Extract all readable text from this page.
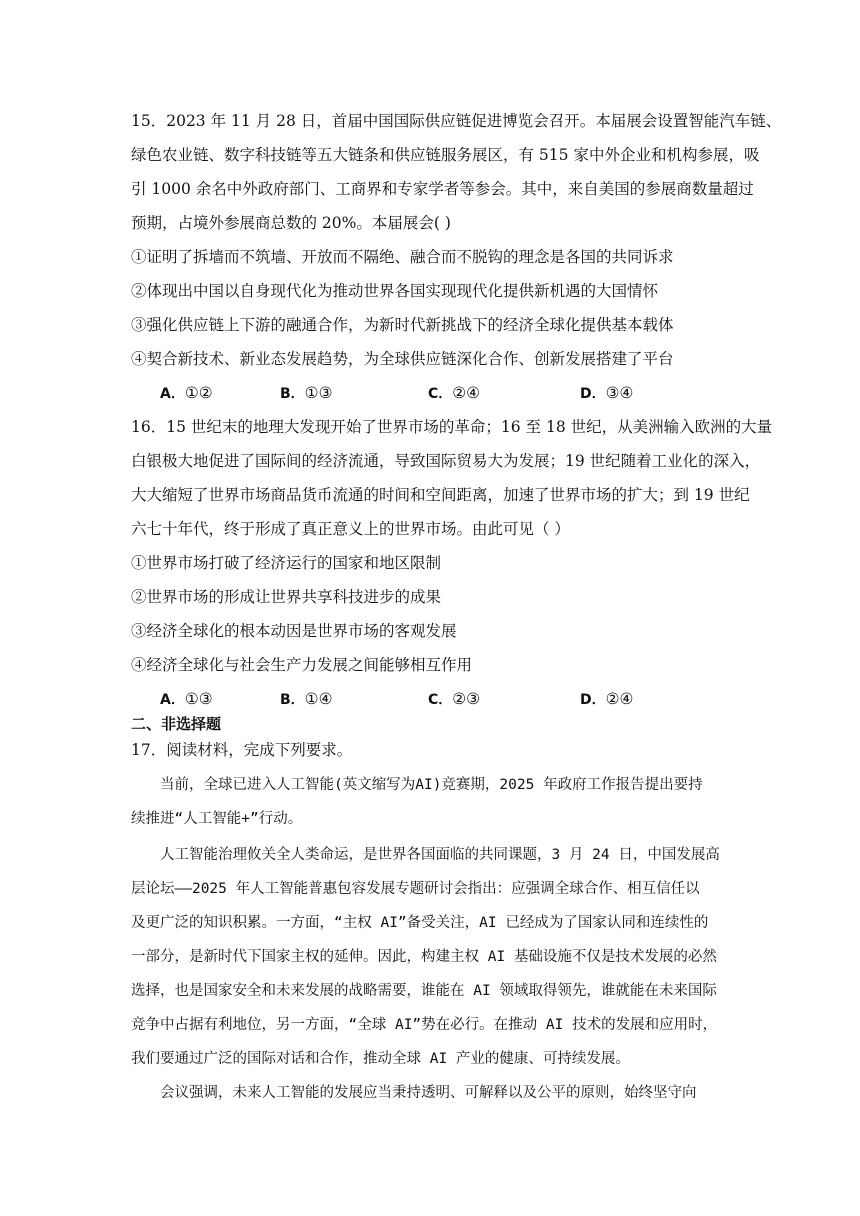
15．2023 年 11 月 28 日，首届中国国际供应链促进博览会召开。本届展会设置智能汽车链、
绿色农业链、数字科技链等五大链条和供应链服务展区，有 515 家中外企业和机构参展，吸
引 1000 余名中外政府部门、工商界和专家学者等参会。其中，来自美国的参展商数量超过
预期，占境外参展商总数的 20%。本届展会( )
①证明了拆墙而不筑墙、开放而不隔绝、融合而不脱钩的理念是各国的共同诉求
②体现出中国以自身现代化为推动世界各国实现现代化提供新机遇的大国情怀
③强化供应链上下游的融通合作，为新时代新挑战下的经济全球化提供基本载体
④契合新技术、新业态发展趋势，为全球供应链深化合作、创新发展搭建了平台
A．①②	B．①③	C．②④	D．③④
16．15 世纪末的地理大发现开始了世界市场的革命；16 至 18 世纪，从美洲输入欧洲的大量
白银极大地促进了国际间的经济流通，导致国际贸易大为发展；19 世纪随着工业化的深入，
大大缩短了世界市场商品货币流通的时间和空间距离，加速了世界市场的扩大；到 19 世纪
六七十年代，终于形成了真正意义上的世界市场。由此可见（ ）
①世界市场打破了经济运行的国家和地区限制
②世界市场的形成让世界共享科技进步的成果
③经济全球化的根本动因是世界市场的客观发展
④经济全球化与社会生产力发展之间能够相互作用
A．①③	B．①④	C．②③	D．②④
二、非选择题
17．阅读材料，完成下列要求。
当前，全球已进入人工智能(英文缩写为AI)竞赛期，2025 年政府工作报告提出要持
续推进“人工智能+”行动。
人工智能治理攸关全人类命运，是世界各国面临的共同课题，3 月 24 日，中国发展高
层论坛——2025 年人工智能普惠包容发展专题研讨会指出：应强调全球合作、相互信任以
及更广泛的知识积累。一方面，“主权 AI”备受关注，AI 已经成为了国家认同和连续性的
一部分，是新时代下国家主权的延伸。因此，构建主权 AI 基础设施不仅是技术发展的必然
选择，也是国家安全和未来发展的战略需要，谁能在 AI 领域取得领先，谁就能在未来国际
竞争中占据有利地位，另一方面，“全球 AI”势在必行。在推动 AI 技术的发展和应用时，
我们要通过广泛的国际对话和合作，推动全球 AI 产业的健康、可持续发展。
会议强调，未来人工智能的发展应当秉持透明、可解释以及公平的原则，始终坚守向
